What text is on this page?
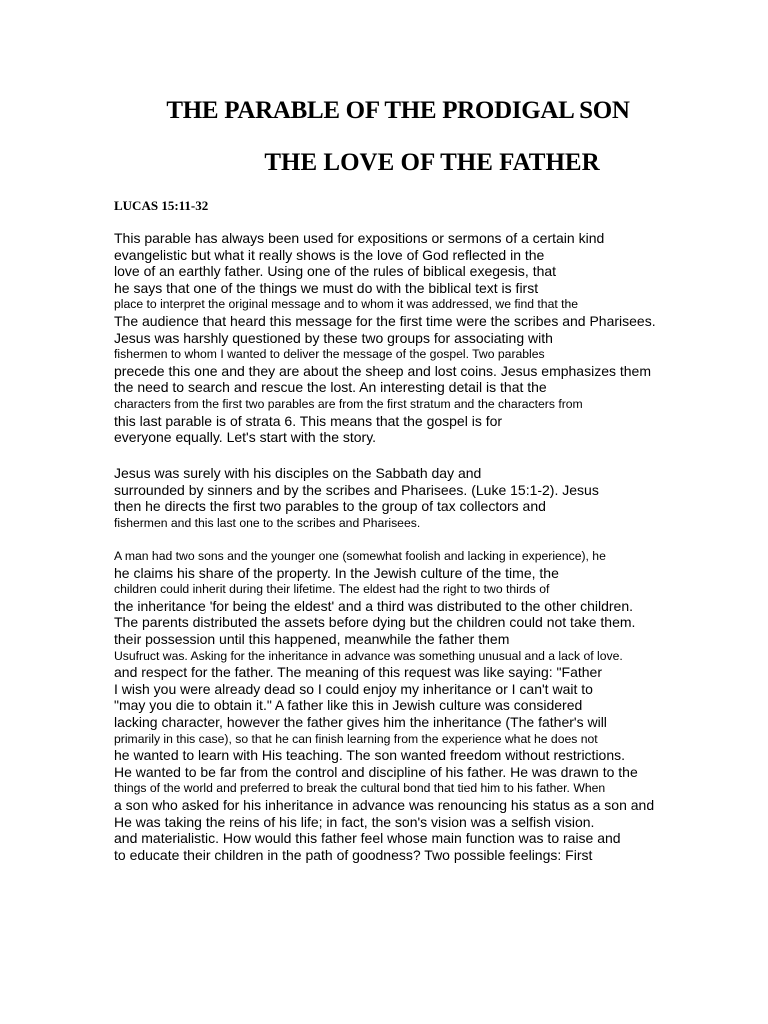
THE PARABLE OF THE PRODIGAL SON
THE LOVE OF THE FATHER

LUCAS 15:11-32

This parable has always been used for expositions or sermons of a certain kind
evangelistic but what it really shows is the love of God reflected in the
love of an earthly father. Using one of the rules of biblical exegesis, that
he says that one of the things we must do with the biblical text is first
place to interpret the original message and to whom it was addressed, we find that the
The audience that heard this message for the first time were the scribes and Pharisees.
Jesus was harshly questioned by these two groups for associating with
fishermen to whom I wanted to deliver the message of the gospel. Two parables
precede this one and they are about the sheep and lost coins. Jesus emphasizes them
the need to search and rescue the lost. An interesting detail is that the
characters from the first two parables are from the first stratum and the characters from
this last parable is of strata 6. This means that the gospel is for
everyone equally. Let's start with the story.
Jesus was surely with his disciples on the Sabbath day and
surrounded by sinners and by the scribes and Pharisees. (Luke 15:1-2). Jesus
then he directs the first two parables to the group of tax collectors and
fishermen and this last one to the scribes and Pharisees.
A man had two sons and the younger one (somewhat foolish and lacking in experience), he
he claims his share of the property. In the Jewish culture of the time, the
children could inherit during their lifetime. The eldest had the right to two thirds of
the inheritance 'for being the eldest' and a third was distributed to the other children.
The parents distributed the assets before dying but the children could not take them.
their possession until this happened, meanwhile the father them
Usufruct was. Asking for the inheritance in advance was something unusual and a lack of love.
and respect for the father. The meaning of this request was like saying: "Father
I wish you were already dead so I could enjoy my inheritance or I can't wait to
"may you die to obtain it." A father like this in Jewish culture was considered
lacking character, however the father gives him the inheritance (The father's will
primarily in this case), so that he can finish learning from the experience what he does not
he wanted to learn with His teaching. The son wanted freedom without restrictions.
He wanted to be far from the control and discipline of his father. He was drawn to the
things of the world and preferred to break the cultural bond that tied him to his father. When
a son who asked for his inheritance in advance was renouncing his status as a son and
He was taking the reins of his life; in fact, the son's vision was a selfish vision.
and materialistic. How would this father feel whose main function was to raise and
to educate their children in the path of goodness? Two possible feelings: First
